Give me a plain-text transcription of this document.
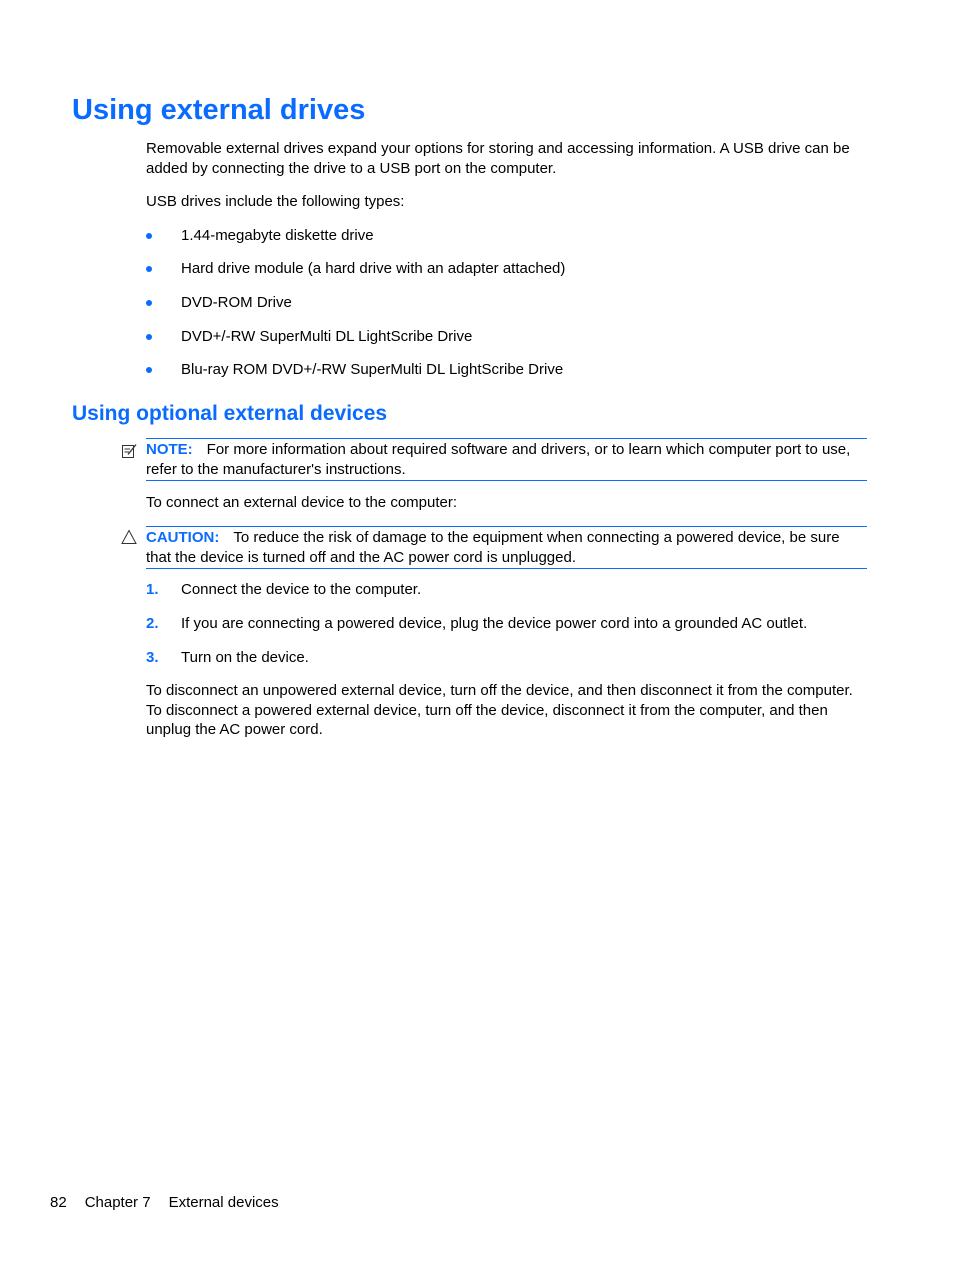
Using external drives

Removable external drives expand your options for storing and accessing information. A USB drive can be added by connecting the drive to a USB port on the computer.

USB drives include the following types:

1.44-megabyte diskette drive
Hard drive module (a hard drive with an adapter attached)
DVD-ROM Drive
DVD+/-RW SuperMulti DL LightScribe Drive
Blu-ray ROM DVD+/-RW SuperMulti DL LightScribe Drive
Using optional external devices
NOTE: For more information about required software and drivers, or to learn which computer port to use, refer to the manufacturer's instructions.

To connect an external device to the computer:

CAUTION: To reduce the risk of damage to the equipment when connecting a powered device, be sure that the device is turned off and the AC power cord is unplugged.
1. Connect the device to the computer.
2. If you are connecting a powered device, plug the device power cord into a grounded AC outlet.
3. Turn on the device.

To disconnect an unpowered external device, turn off the device, and then disconnect it from the computer. To disconnect a powered external device, turn off the device, disconnect it from the computer, and then unplug the AC power cord.

82 Chapter 7 External devices
